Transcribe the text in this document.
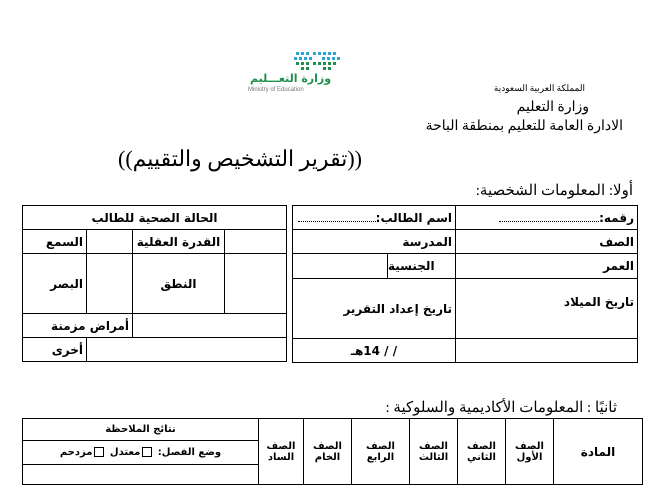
وزارة التعـــليم
Ministry of Education	المملكة العربية السعودية
وزارة التعليم
الادارة العامة للتعليم بمنطقة الباحة
((تقرير التشخيص والتقييم))
أولا: المعلومات الشخصية:
اسم الطالب:	رقمه:
المدرسة	الصف

الجنسية	العمر
تاريخ إعداد التقرير	تاريخ الميلاد
/ / 14هـ	
الحالة الصحية للطالب			
السمع		القدرة العقلية	
البصر		النطق	
أمراض مزمنة			
أخرى			
ثانيًا : المعلومات الأكاديمية والسلوكية :
نتائج الملاحظة	الصف الساد	الصف الخام	الصف الرابع	الصف الثالث	الصف الثاني	الصف الأول	المادة
وضع الفصل: معتدل مزدحم
